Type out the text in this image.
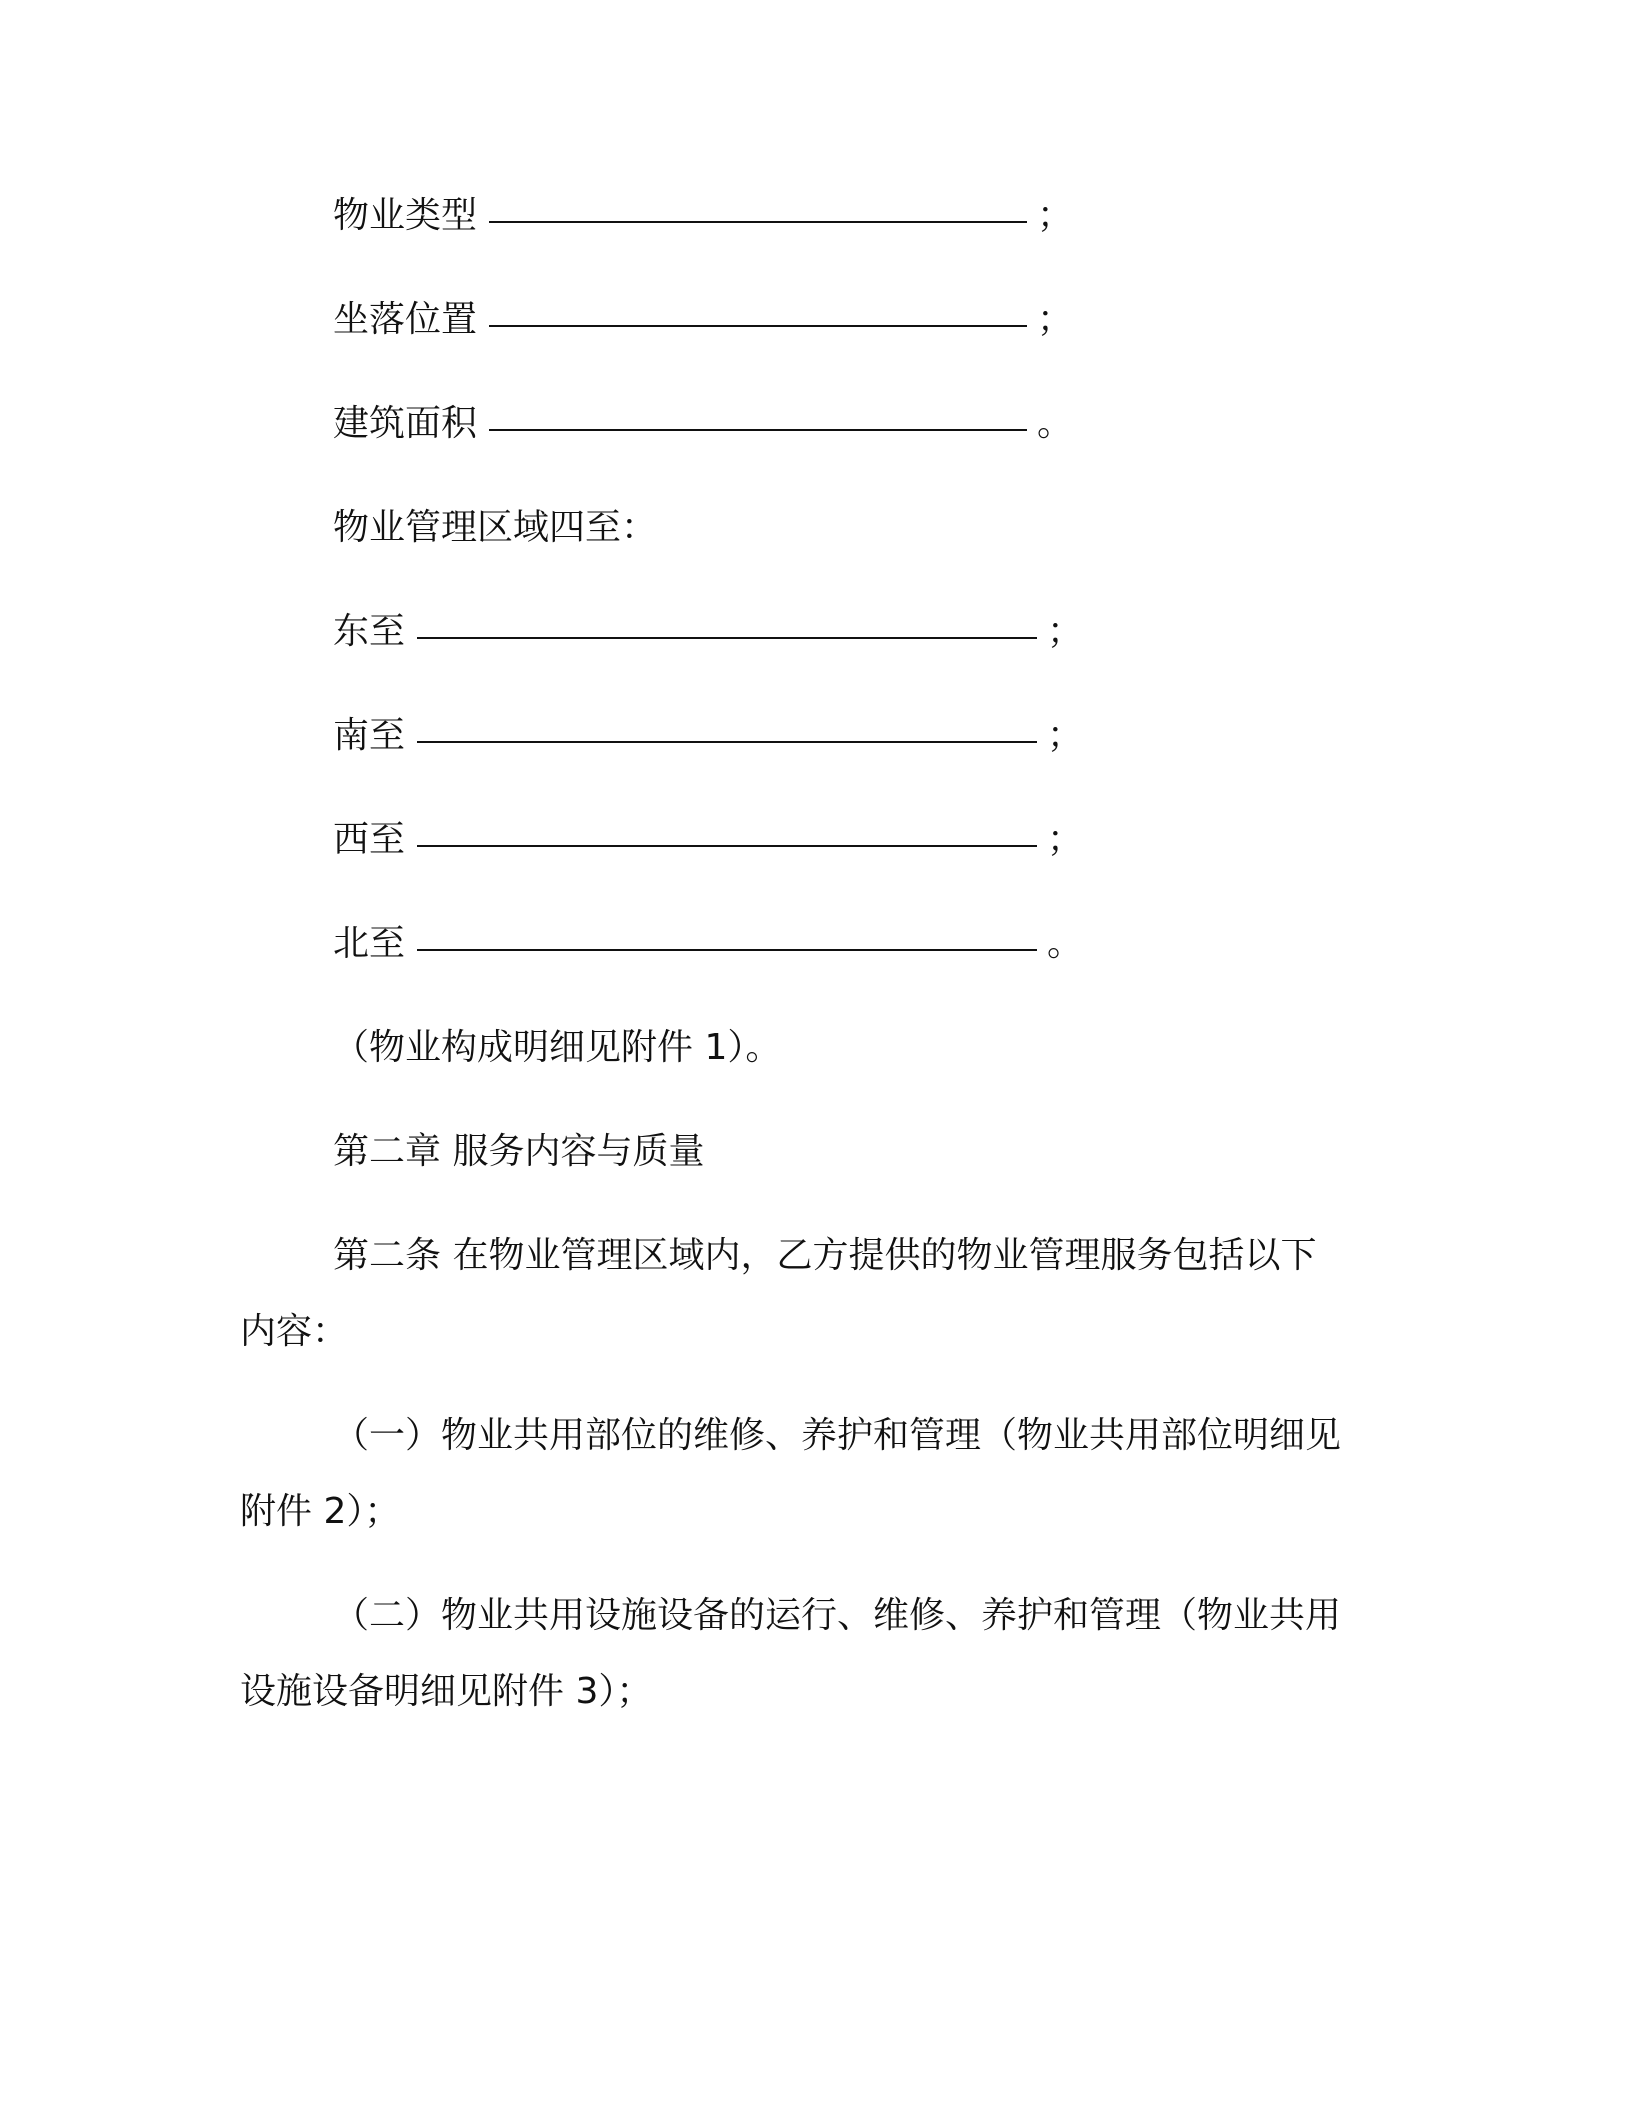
物业类型	；
坐落位置	；
建筑面积	。
物业管理区域四至：
东至	；
南至	；
西至	；
北至	。
（物业构成明细见附件 1）。
第二章 服务内容与质量
第二条 在物业管理区域内，乙方提供的物业管理服务包括以下
内容：
（一）物业共用部位的维修、养护和管理（物业共用部位明细见
附件 2）；
（二）物业共用设施设备的运行、维修、养护和管理（物业共用
设施设备明细见附件 3）；
